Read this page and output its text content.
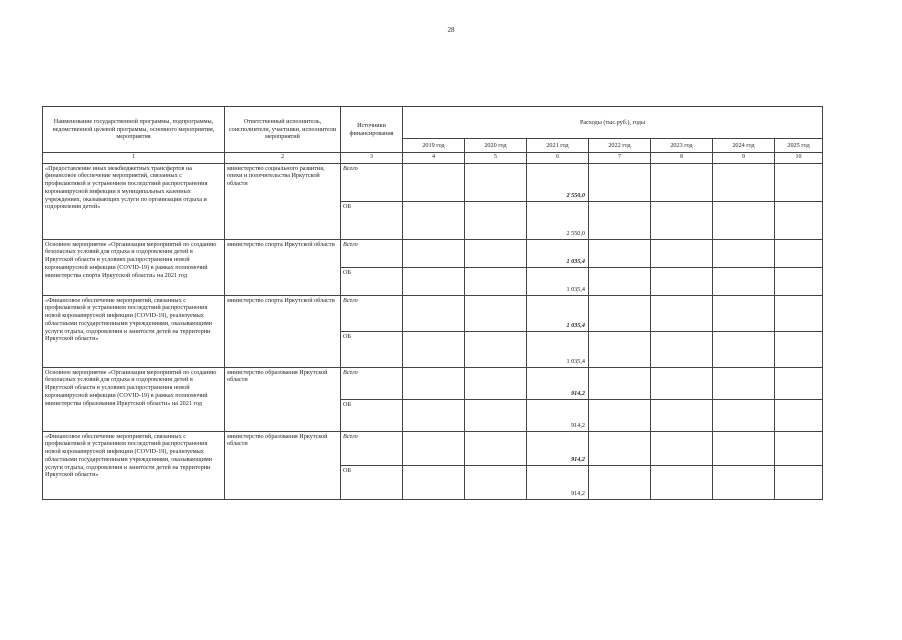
28
Наименование государственной программы, подпрограммы, ведомственной целевой программы, основного мероприятия, мероприятия	Ответственный исполнитель, соисполнители, участники, исполнители мероприятий	Источники финансирования	Расходы (тыс.руб.), годы						
			2019 год	2020 год	2021 год	2022 год	2023 год	2024 год	2025 год
1	2	3	4	5	6	7	8	9	10
«Предоставление иных межбюджетных трансфертов на финансовое обеспечение мероприятий, связанных с профилактикой и устранением последствий распространения коронавирусной инфекции в муниципальных казенных учреждениях, оказывающих услуги по организации отдыха и оздоровления детей»	министерство социального развития, опеки и попечительства Иркутской области	Всего			2 550,0				

		ОБ			2 550,0				

Основное мероприятие «Организация мероприятий по созданию безопасных условий для отдыха и оздоровления детей в Иркутской области в условиях распространения новой коронавирусной инфекции (COVID-19) в рамках полномочий министерства спорта Иркутской области» на 2021 год	министерство спорта Иркутской области	Всего			1 035,4				

		ОБ			1 035,4				

«Финансовое обеспечение мероприятий, связанных с профилактикой и устранением последствий распространения новой коронавирусной инфекции (COVID-19), реализуемых областными государственными учреждениями, оказывающими услуги отдыха, оздоровления и занятости детей на территории Иркутской области»	министерство спорта Иркутской области	Всего			1 035,4				

		ОБ			1 035,4				

Основное мероприятие «Организация мероприятий по созданию безопасных условий для отдыха и оздоровления детей в Иркутской области в условиях распространения новой коронавирусной инфекции (COVID-19) в рамках полномочий министерства образования Иркутской области» на 2021 год	министерство образования Иркутской области	Всего			914,2				

		ОБ			914,2				

«Финансовое обеспечение мероприятий, связанных с профилактикой и устранением последствий распространения новой коронавирусной инфекции (COVID-19), реализуемых областными государственными учреждениями, оказывающими услуги отдыха, оздоровления и занятости детей на территории Иркутской области»	министерство образования Иркутской области	Всего			914,2				

		ОБ			914,2				
